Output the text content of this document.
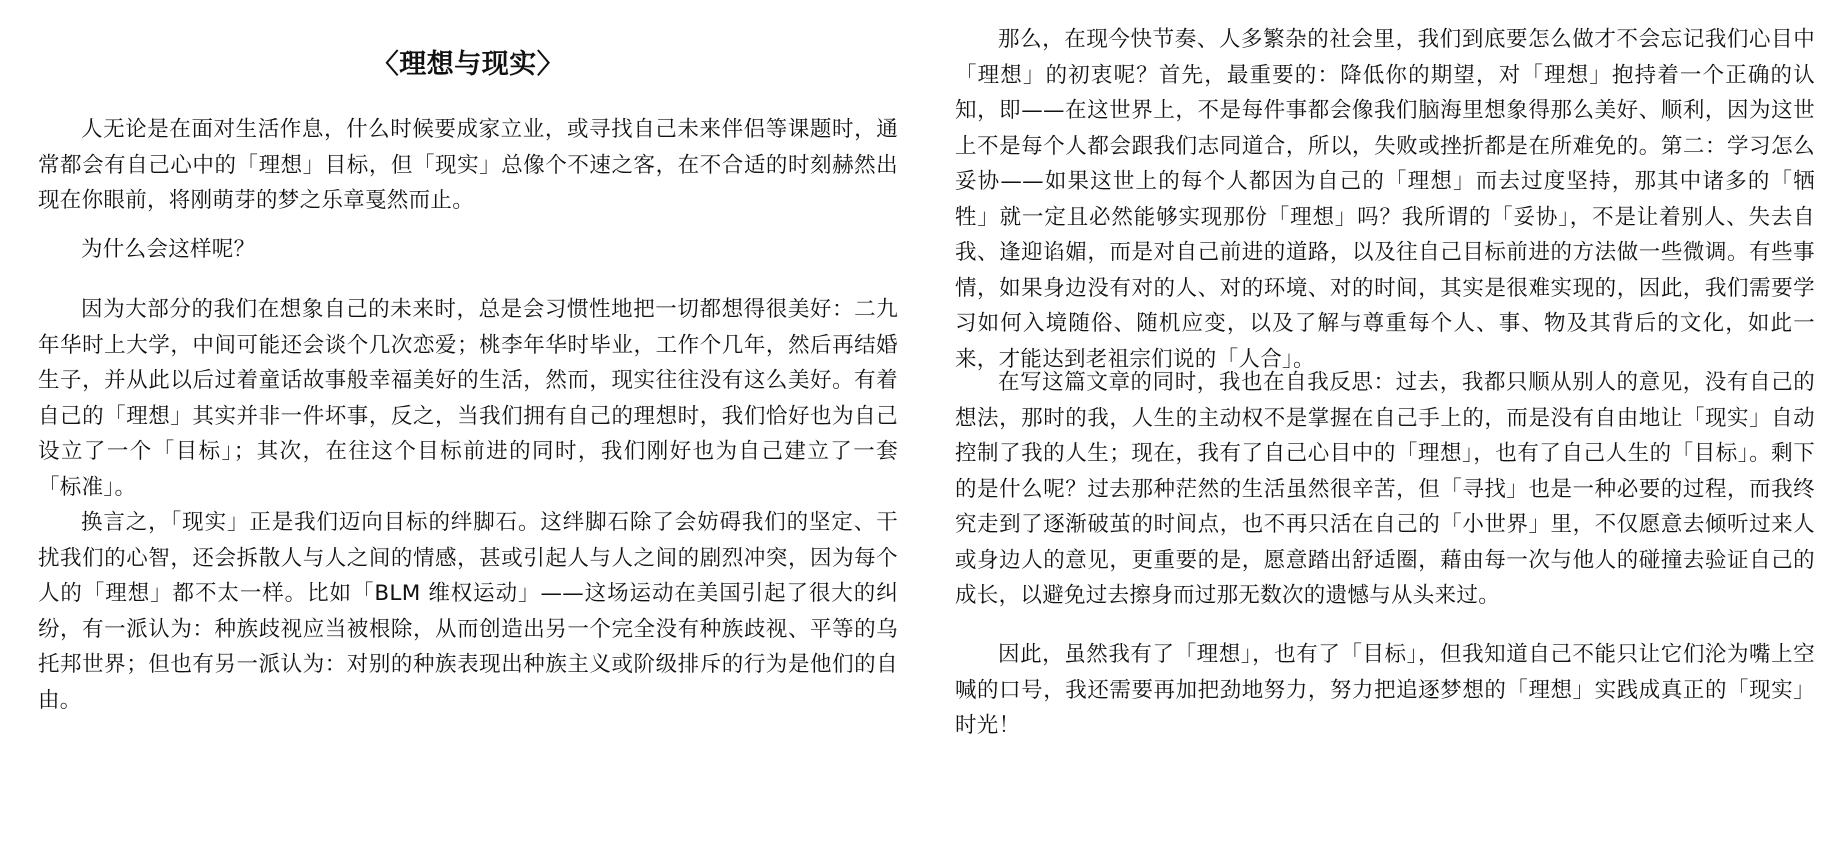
〈理想与现实〉

人无论是在面对生活作息，什么时候要成家立业，或寻找自己未来伴侣等课题时，通常都会有自己心中的「理想」目标，但「现实」总像个不速之客，在不合适的时刻赫然出现在你眼前，将刚萌芽的梦之乐章戛然而止。

为什么会这样呢？

因为大部分的我们在想象自己的未来时，总是会习惯性地把一切都想得很美好：二九年华时上大学，中间可能还会谈个几次恋爱；桃李年华时毕业，工作个几年，然后再结婚生子，并从此以后过着童话故事般幸福美好的生活，然而，现实往往没有这么美好。有着自己的「理想」其实并非一件坏事，反之，当我们拥有自己的理想时，我们恰好也为自己设立了一个「目标」；其次，在往这个目标前进的同时，我们刚好也为自己建立了一套「标准」。

换言之，「现实」正是我们迈向目标的绊脚石。这绊脚石除了会妨碍我们的坚定、干扰我们的心智，还会拆散人与人之间的情感，甚或引起人与人之间的剧烈冲突，因为每个人的「理想」都不太一样。比如「BLM 维权运动」——这场运动在美国引起了很大的纠纷，有一派认为：种族歧视应当被根除，从而创造出另一个完全没有种族歧视、平等的乌托邦世界；但也有另一派认为：对别的种族表现出种族主义或阶级排斥的行为是他们的自由。

那么，在现今快节奏、人多繁杂的社会里，我们到底要怎么做才不会忘记我们心目中「理想」的初衷呢？首先，最重要的：降低你的期望，对「理想」抱持着一个正确的认知，即——在这世界上，不是每件事都会像我们脑海里想象得那么美好、顺利，因为这世上不是每个人都会跟我们志同道合，所以，失败或挫折都是在所难免的。第二：学习怎么妥协——如果这世上的每个人都因为自己的「理想」而去过度坚持，那其中诸多的「牺牲」就一定且必然能够实现那份「理想」吗？我所谓的「妥协」，不是让着别人、失去自我、逢迎谄媚，而是对自己前进的道路，以及往自己目标前进的方法做一些微调。有些事情，如果身边没有对的人、对的环境、对的时间，其实是很难实现的，因此，我们需要学习如何入境随俗、随机应变，以及了解与尊重每个人、事、物及其背后的文化，如此一来，才能达到老祖宗们说的「人合」。

在写这篇文章的同时，我也在自我反思：过去，我都只顺从别人的意见，没有自己的想法，那时的我，人生的主动权不是掌握在自己手上的，而是没有自由地让「现实」自动控制了我的人生；现在，我有了自己心目中的「理想」，也有了自己人生的「目标」。剩下的是什么呢？过去那种茫然的生活虽然很辛苦，但「寻找」也是一种必要的过程，而我终究走到了逐渐破茧的时间点，也不再只活在自己的「小世界」里，不仅愿意去倾听过来人或身边人的意见，更重要的是，愿意踏出舒适圈，藉由每一次与他人的碰撞去验证自己的成长，以避免过去擦身而过那无数次的遗憾与从头来过。

因此，虽然我有了「理想」，也有了「目标」，但我知道自己不能只让它们沦为嘴上空喊的口号，我还需要再加把劲地努力，努力把追逐梦想的「理想」实践成真正的「现实」时光！
